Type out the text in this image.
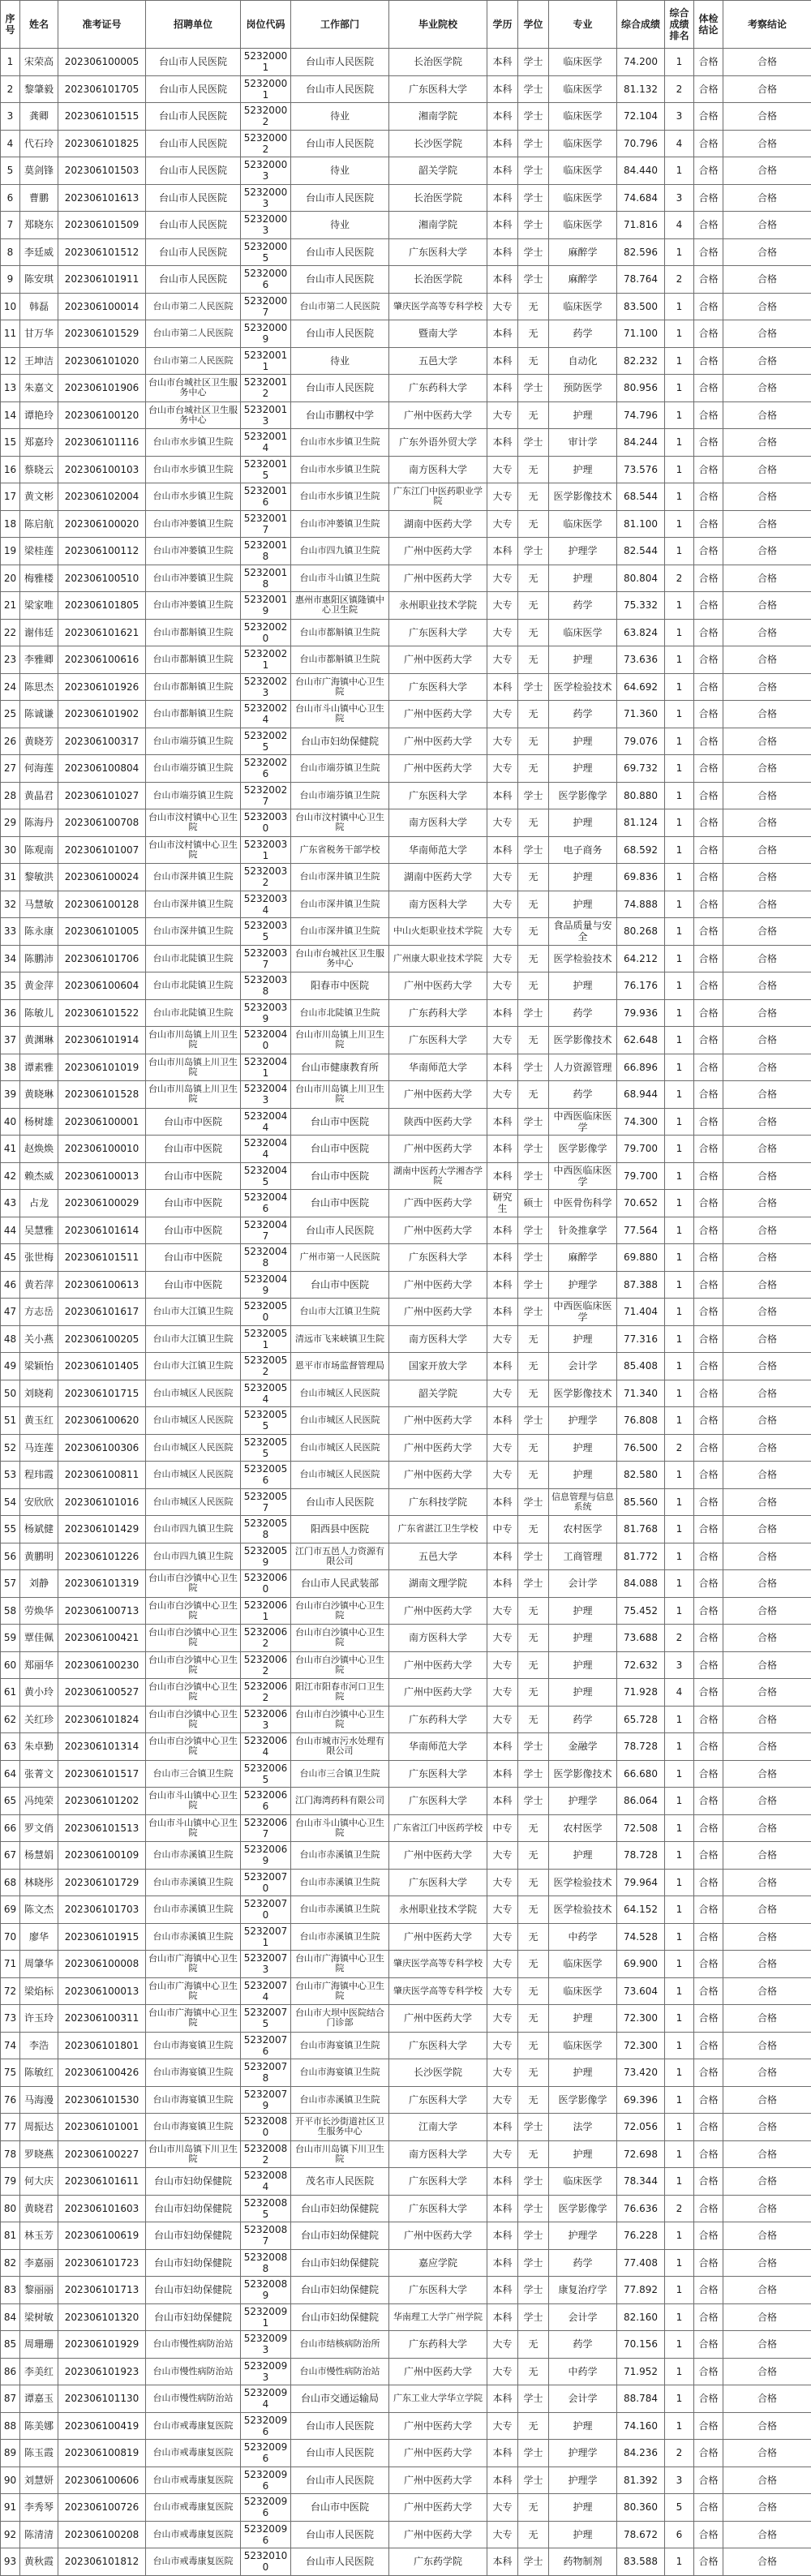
序号	姓名	准考证号	招聘单位	岗位代码	工作部门	毕业院校	学历	学位	专业	综合成绩	综合成绩排名	体检结论	考察结论
1	宋荣高	202306100005	台山市人民医院	52320001	台山市人民医院	长治医学院	本科	学士	临床医学	74.200	1	合格	合格
2	黎肇毅	202306101705	台山市人民医院	52320001	台山市人民医院	广东医科大学	本科	学士	临床医学	81.132	2	合格	合格
3	龚卿	202306101515	台山市人民医院	52320002	待业	湘南学院	本科	学士	临床医学	72.104	3	合格	合格
4	代石玲	202306101825	台山市人民医院	52320002	台山市人民医院	长沙医学院	本科	学士	临床医学	70.796	4	合格	合格
5	莫剑锋	202306101503	台山市人民医院	52320003	待业	韶关学院	本科	学士	临床医学	84.440	1	合格	合格
6	曹鹏	202306101613	台山市人民医院	52320003	台山市人民医院	长治医学院	本科	学士	临床医学	74.684	3	合格	合格
7	郑晓东	202306101509	台山市人民医院	52320003	待业	湘南学院	本科	学士	临床医学	71.816	4	合格	合格
8	李廷威	202306101512	台山市人民医院	52320005	台山市人民医院	广东医科大学	本科	学士	麻醉学	82.596	1	合格	合格
9	陈安琪	202306101911	台山市人民医院	52320006	台山市人民医院	长治医学院	本科	学士	麻醉学	78.764	2	合格	合格
10	韩磊	202306100014	台山市第二人民医院	52320007	台山市第二人民医院	肇庆医学高等专科学校	大专	无	临床医学	83.500	1	合格	合格
11	甘万华	202306101529	台山市第二人民医院	52320009	台山市人民医院	暨南大学	本科	无	药学	71.100	1	合格	合格
12	王坤洁	202306101020	台山市第二人民医院	52320011	待业	五邑大学	本科	无	自动化	82.232	1	合格	合格
13	朱嘉文	202306101906	台山市台城社区卫生服务中心	52320012	台山市人民医院	广东药科大学	本科	学士	预防医学	80.956	1	合格	合格
14	谭艳玲	202306100120	台山市台城社区卫生服务中心	52320013	台山市鹏权中学	广州中医药大学	大专	无	护理	74.796	1	合格	合格
15	郑嘉玲	202306101116	台山市水步镇卫生院	52320014	台山市水步镇卫生院	广东外语外贸大学	本科	学士	审计学	84.244	1	合格	合格
16	蔡晓云	202306100103	台山市水步镇卫生院	52320015	台山市水步镇卫生院	南方医科大学	大专	无	护理	73.576	1	合格	合格
17	黄文彬	202306102004	台山市水步镇卫生院	52320016	台山市水步镇卫生院	广东江门中医药职业学院	大专	无	医学影像技术	68.544	1	合格	合格
18	陈启航	202306100020	台山市冲蒌镇卫生院	52320017	台山市冲蒌镇卫生院	湖南中医药大学	大专	无	临床医学	81.100	1	合格	合格
19	梁桂莲	202306100112	台山市冲蒌镇卫生院	52320018	台山市四九镇卫生院	广州中医药大学	本科	学士	护理学	82.544	1	合格	合格
20	梅雅楼	202306100510	台山市冲蒌镇卫生院	52320018	台山市斗山镇卫生院	广州中医药大学	大专	无	护理	80.804	2	合格	合格
21	梁家唯	202306101805	台山市冲蒌镇卫生院	52320019	惠州市惠阳区镇隆镇中心卫生院	永州职业技术学院	大专	无	药学	75.332	1	合格	合格
22	谢伟廷	202306101621	台山市都斛镇卫生院	52320020	台山市都斛镇卫生院	广东医科大学	大专	无	临床医学	63.824	1	合格	合格
23	李雅卿	202306100616	台山市都斛镇卫生院	52320021	台山市都斛镇卫生院	广州中医药大学	大专	无	护理	73.636	1	合格	合格
24	陈思杰	202306101926	台山市都斛镇卫生院	52320023	台山市广海镇中心卫生院	广东医科大学	本科	学士	医学检验技术	64.692	1	合格	合格
25	陈诚谦	202306101902	台山市都斛镇卫生院	52320024	台山市斗山镇中心卫生院	广州中医药大学	大专	无	药学	71.360	1	合格	合格
26	黄晓芳	202306100317	台山市端芬镇卫生院	52320025	台山市妇幼保健院	广州中医药大学	大专	无	护理	79.076	1	合格	合格
27	何海莲	202306100804	台山市端芬镇卫生院	52320026	台山市端芬镇卫生院	广州中医药大学	大专	无	护理	69.732	1	合格	合格
28	黄晶君	202306101027	台山市端芬镇卫生院	52320027	台山市端芬镇卫生院	广东医科大学	本科	学士	医学影像学	80.880	1	合格	合格
29	陈海丹	202306100708	台山市汶村镇中心卫生院	52320030	台山市汶村镇中心卫生院	南方医科大学	大专	无	护理	81.124	1	合格	合格
30	陈观南	202306101007	台山市汶村镇中心卫生院	52320031	广东省税务干部学校	华南师范大学	本科	学士	电子商务	68.592	1	合格	合格
31	黎敏洪	202306100024	台山市深井镇卫生院	52320032	台山市深井镇卫生院	湖南中医药大学	大专	无	护理	69.836	1	合格	合格
32	马慧敏	202306100128	台山市深井镇卫生院	52320034	台山市深井镇卫生院	南方医科大学	大专	无	护理	74.888	1	合格	合格
33	陈永康	202306101005	台山市深井镇卫生院	52320035	台山市深井镇卫生院	中山火炬职业技术学院	大专	无	食品质量与安全	80.268	1	合格	合格
34	陈鹏沛	202306101706	台山市北陡镇卫生院	52320037	台山市台城社区卫生服务中心	广州康大职业技术学院	大专	无	医学检验技术	64.212	1	合格	合格
35	黄金萍	202306100604	台山市北陡镇卫生院	52320038	阳春市中医院	广州中医药大学	大专	无	护理	76.176	1	合格	合格
36	陈敏儿	202306101522	台山市北陡镇卫生院	52320039	台山市北陡镇卫生院	广东药科大学	本科	学士	药学	79.936	1	合格	合格
37	黄渊琳	202306101914	台山市川岛镇上川卫生院	52320040	台山市川岛镇上川卫生院	广东医科大学	大专	无	医学影像技术	62.648	1	合格	合格
38	谭素雅	202306101019	台山市川岛镇上川卫生院	52320041	台山市健康教育所	华南师范大学	本科	学士	人力资源管理	66.896	1	合格	合格
39	黄晓琳	202306101528	台山市川岛镇上川卫生院	52320043	台山市川岛镇上川卫生院	广州中医药大学	大专	无	药学	68.944	1	合格	合格
40	杨树雄	202306100001	台山市中医院	52320044	台山市中医院	陕西中医药大学	本科	学士	中西医临床医学	74.300	1	合格	合格
41	赵焕焕	202306100010	台山市中医院	52320044	台山市中医院	广州中医药大学	本科	学士	医学影像学	79.700	1	合格	合格
42	赖杰威	202306100013	台山市中医院	52320045	台山市中医院	湖南中医药大学湘杏学院	本科	学士	中西医临床医学	79.700	1	合格	合格
43	占龙	202306100029	台山市中医院	52320046	台山市中医院	广西中医药大学	研究生	硕士	中医骨伤科学	70.652	1	合格	合格
44	吴慧雅	202306101614	台山市中医院	52320047	台山市人民医院	广州中医药大学	本科	学士	针灸推拿学	77.564	1	合格	合格
45	张世梅	202306101511	台山市中医院	52320048	广州市第一人民医院	广东医科大学	本科	学士	麻醉学	69.880	1	合格	合格
46	黄若萍	202306100613	台山市中医院	52320049	台山市中医院	广州中医药大学	本科	学士	护理学	87.388	1	合格	合格
47	方志岳	202306101617	台山市大江镇卫生院	52320050	台山市大江镇卫生院	广州中医药大学	本科	学士	中西医临床医学	71.404	1	合格	合格
48	关小燕	202306100205	台山市大江镇卫生院	52320051	清远市飞来峡镇卫生院	南方医科大学	大专	无	护理	77.316	1	合格	合格
49	梁颖怡	202306101405	台山市大江镇卫生院	52320052	恩平市市场监督管理局	国家开放大学	本科	无	会计学	85.408	1	合格	合格
50	刘晓莉	202306101715	台山市城区人民医院	52320054	台山市城区人民医院	韶关学院	大专	无	医学影像技术	71.340	1	合格	合格
51	黄玉红	202306100620	台山市城区人民医院	52320055	台山市城区人民医院	广州中医药大学	本科	学士	护理学	76.808	1	合格	合格
52	马连莲	202306100306	台山市城区人民医院	52320055	台山市城区人民医院	广州中医药大学	大专	无	护理	76.500	2	合格	合格
53	程玮霞	202306100811	台山市城区人民医院	52320056	台山市城区人民医院	广州中医药大学	大专	无	护理	82.580	1	合格	合格
54	安欣欣	202306101016	台山市城区人民医院	52320057	台山市人民医院	广东科技学院	本科	学士	信息管理与信息系统	85.560	1	合格	合格
55	杨斌健	202306101429	台山市四九镇卫生院	52320058	阳西县中医院	广东省湛江卫生学校	中专	无	农村医学	81.768	1	合格	合格
56	黄鹏明	202306101226	台山市四九镇卫生院	52320059	江门市五邑人力资源有限公司	五邑大学	本科	学士	工商管理	81.772	1	合格	合格
57	刘静	202306101319	台山市白沙镇中心卫生院	52320060	台山市人民武装部	湖南文理学院	本科	学士	会计学	84.088	1	合格	合格
58	劳焕华	202306100713	台山市白沙镇中心卫生院	52320061	台山市白沙镇中心卫生院	广州中医药大学	大专	无	护理	75.452	1	合格	合格
59	覃佳佩	202306100421	台山市白沙镇中心卫生院	52320062	台山市白沙镇中心卫生院	南方医科大学	大专	无	护理	73.688	2	合格	合格
60	郑丽华	202306100230	台山市白沙镇中心卫生院	52320062	台山市白沙镇中心卫生院	广州中医药大学	大专	无	护理	72.632	3	合格	合格
61	黄小玲	202306100527	台山市白沙镇中心卫生院	52320062	阳江市阳春市河口卫生院	广州中医药大学	大专	无	护理	71.928	4	合格	合格
62	关红珍	202306101824	台山市白沙镇中心卫生院	52320063	台山市白沙镇中心卫生院	广东药科大学	大专	无	药学	65.728	1	合格	合格
63	朱卓勤	202306101314	台山市白沙镇中心卫生院	52320064	台山市城市污水处理有限公司	华南师范大学	本科	学士	金融学	78.728	1	合格	合格
64	张菁文	202306101517	台山市三合镇卫生院	52320065	台山市三合镇卫生院	广东医科大学	本科	学士	医学影像技术	66.680	1	合格	合格
65	冯纯荣	202306101202	台山市斗山镇中心卫生院	52320066	江门海湾药科有限公司	广东医科大学	本科	学士	护理学	86.064	1	合格	合格
66	罗文俏	202306101513	台山市斗山镇中心卫生院	52320067	台山市斗山镇中心卫生院	广东省江门中医药学校	中专	无	农村医学	72.508	1	合格	合格
67	杨慧娟	202306100109	台山市赤溪镇卫生院	52320069	台山市赤溪镇卫生院	广州中医药大学	大专	无	护理	78.728	1	合格	合格
68	林晓彤	202306101729	台山市赤溪镇卫生院	52320070	台山市赤溪镇卫生院	广东医科大学	大专	无	医学检验技术	79.964	1	合格	合格
69	陈文杰	202306101703	台山市赤溪镇卫生院	52320070	台山市赤溪镇卫生院	永州职业技术学院	大专	无	医学检验技术	64.152	1	合格	合格
70	廖华	202306101915	台山市赤溪镇卫生院	52320071	台山市赤溪镇卫生院	广州中医药大学	大专	无	中药学	74.528	1	合格	合格
71	周肇华	202306100008	台山市广海镇中心卫生院	52320073	台山市广海镇中心卫生院	肇庆医学高等专科学校	大专	无	临床医学	69.900	1	合格	合格
72	梁焰标	202306100013	台山市广海镇中心卫生院	52320074	台山市广海镇中心卫生院	肇庆医学高等专科学校	大专	无	临床医学	73.604	1	合格	合格
73	许玉玲	202306100311	台山市广海镇中心卫生院	52320075	台山市大坝中医院结合门诊部	广州中医药大学	大专	无	护理	72.300	1	合格	合格
74	李浩	202306101801	台山市海宴镇卫生院	52320076	台山市海宴镇卫生院	广东医科大学	大专	无	临床医学	72.300	1	合格	合格
75	陈敏红	202306100426	台山市海宴镇卫生院	52320078	台山市海宴镇卫生院	长沙医学院	大专	无	护理	73.420	1	合格	合格
76	马海漫	202306101530	台山市海宴镇卫生院	52320079	台山市赤溪镇卫生院	广东医科大学	大专	无	医学影像学	69.396	1	合格	合格
77	周振达	202306101001	台山市海宴镇卫生院	52320080	开平市长沙街道社区卫生服务中心	江南大学	本科	学士	法学	72.056	1	合格	合格
78	罗晓燕	202306100227	台山市川岛镇下川卫生院	52320082	台山市川岛镇下川卫生院	南方医科大学	大专	无	护理	72.698	1	合格	合格
79	何大庆	202306101611	台山市妇幼保健院	52320084	茂名市人民医院	广东医科大学	本科	学士	临床医学	78.344	1	合格	合格
80	黄晓君	202306101603	台山市妇幼保健院	52320085	台山市妇幼保健院	广东医科大学	本科	学士	医学影像学	76.636	2	合格	合格
81	林玉芳	202306100619	台山市妇幼保健院	52320087	台山市妇幼保健院	广州中医药大学	本科	学士	护理学	76.228	1	合格	合格
82	李嘉丽	202306101723	台山市妇幼保健院	52320088	台山市妇幼保健院	嘉应学院	本科	学士	药学	77.408	1	合格	合格
83	黎丽丽	202306101713	台山市妇幼保健院	52320089	台山市妇幼保健院	广东医科大学	本科	学士	康复治疗学	77.892	1	合格	合格
84	梁树敏	202306101320	台山市妇幼保健院	52320091	台山市妇幼保健院	华南理工大学广州学院	本科	学士	会计学	82.160	1	合格	合格
85	周珊珊	202306101929	台山市慢性病防治站	52320093	台山市结核病防治所	广东药科大学	大专	无	药学	70.156	1	合格	合格
86	李美红	202306101923	台山市慢性病防治站	52320093	台山市慢性病防治站	广州中医药大学	大专	无	中药学	71.952	1	合格	合格
87	谭嘉玉	202306101130	台山市慢性病防治站	52320094	台山市交通运输局	广东工业大学华立学院	本科	学士	会计学	88.784	1	合格	合格
88	陈美娜	202306100419	台山市戒毒康复医院	52320096	台山市人民医院	广州中医药大学	大专	无	护理	74.160	1	合格	合格
89	陈玉霞	202306100819	台山市戒毒康复医院	52320096	台山市人民医院	广州中医药大学	本科	学士	护理学	84.236	2	合格	合格
90	刘慧妍	202306100606	台山市戒毒康复医院	52320096	台山市人民医院	广州中医药大学	本科	学士	护理学	81.392	3	合格	合格
91	李秀琴	202306100726	台山市戒毒康复医院	52320096	台山市中医院	广州中医药大学	大专	无	护理	80.360	5	合格	合格
92	陈清清	202306100208	台山市戒毒康复医院	52320096	台山市人民医院	广州中医药大学	大专	无	护理	78.672	6	合格	合格
93	黄秋霞	202306101812	台山市戒毒康复医院	52320100	台山市人民医院	广东药学院	本科	学士	药物制剂	83.588	1	合格	合格
